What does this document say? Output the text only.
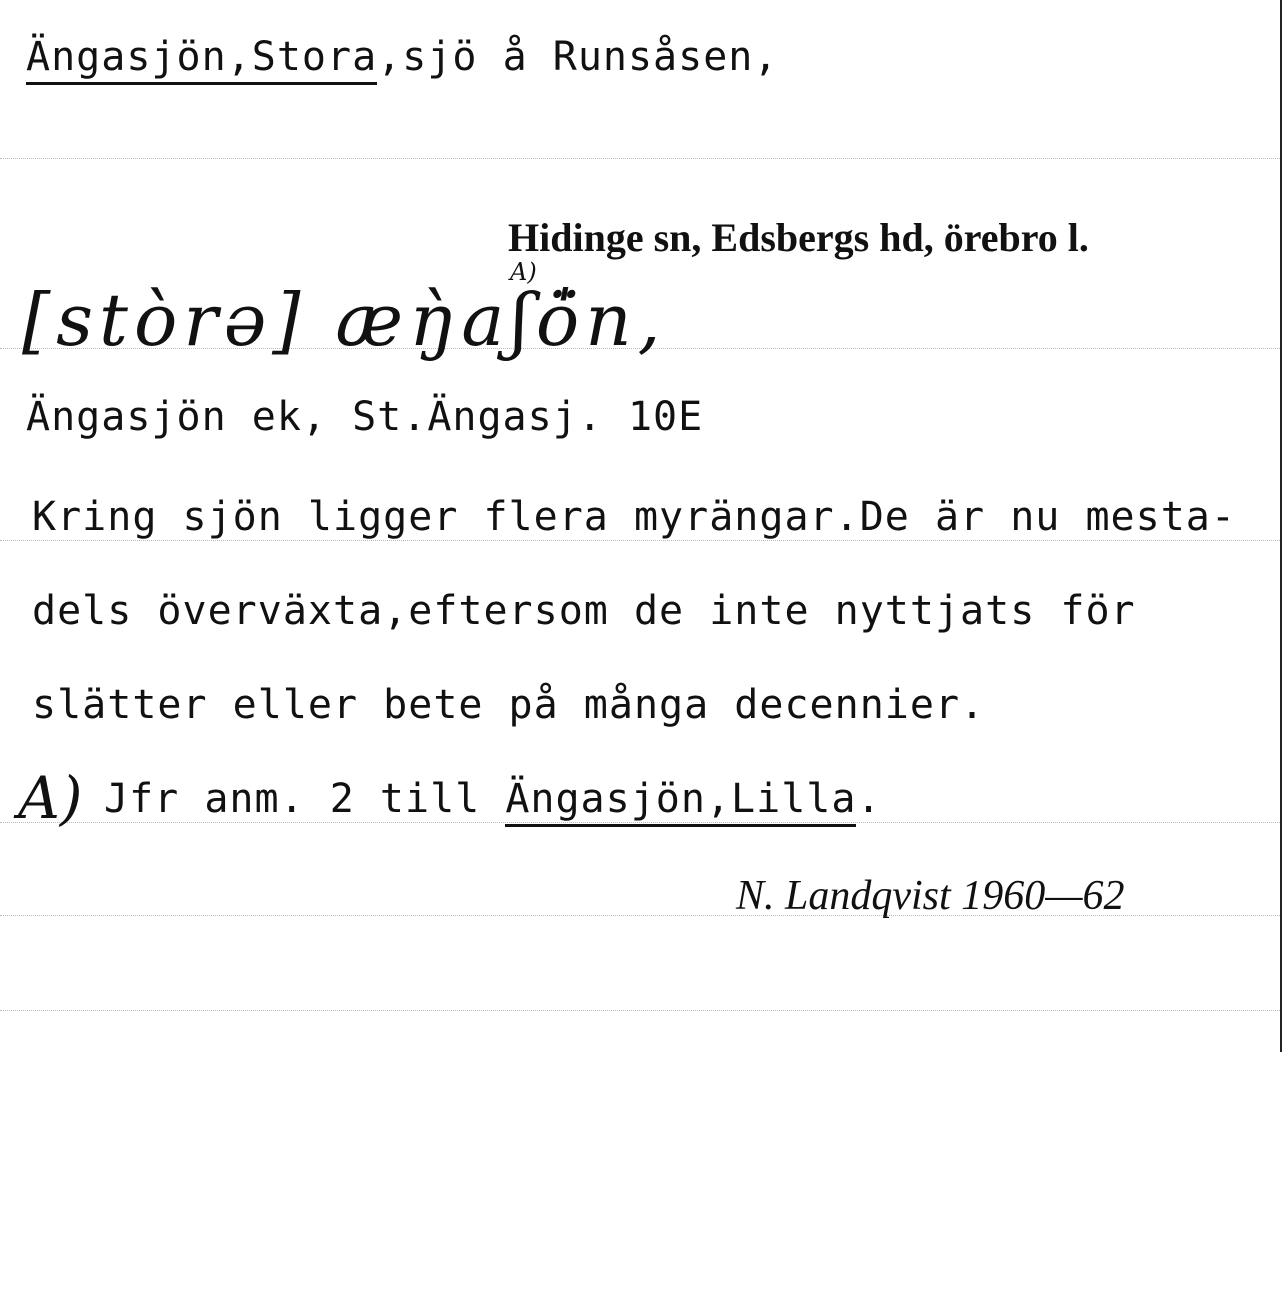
Ängasjön,Stora,sjö å Runsåsen,
Hidinge sn, Edsbergs hd, örebro l.
A)
[stòrə] æŋ̀aʃö̍n,
Ängasjön ek, St.Ängasj. 10E
Kring sjön ligger flera myrängar.De är nu mesta-
dels överväxta,eftersom de inte nyttjats för
slätter eller bete på många decennier.
A) Jfr anm. 2 till Ängasjön,Lilla.
N. Landqvist 1960—62
